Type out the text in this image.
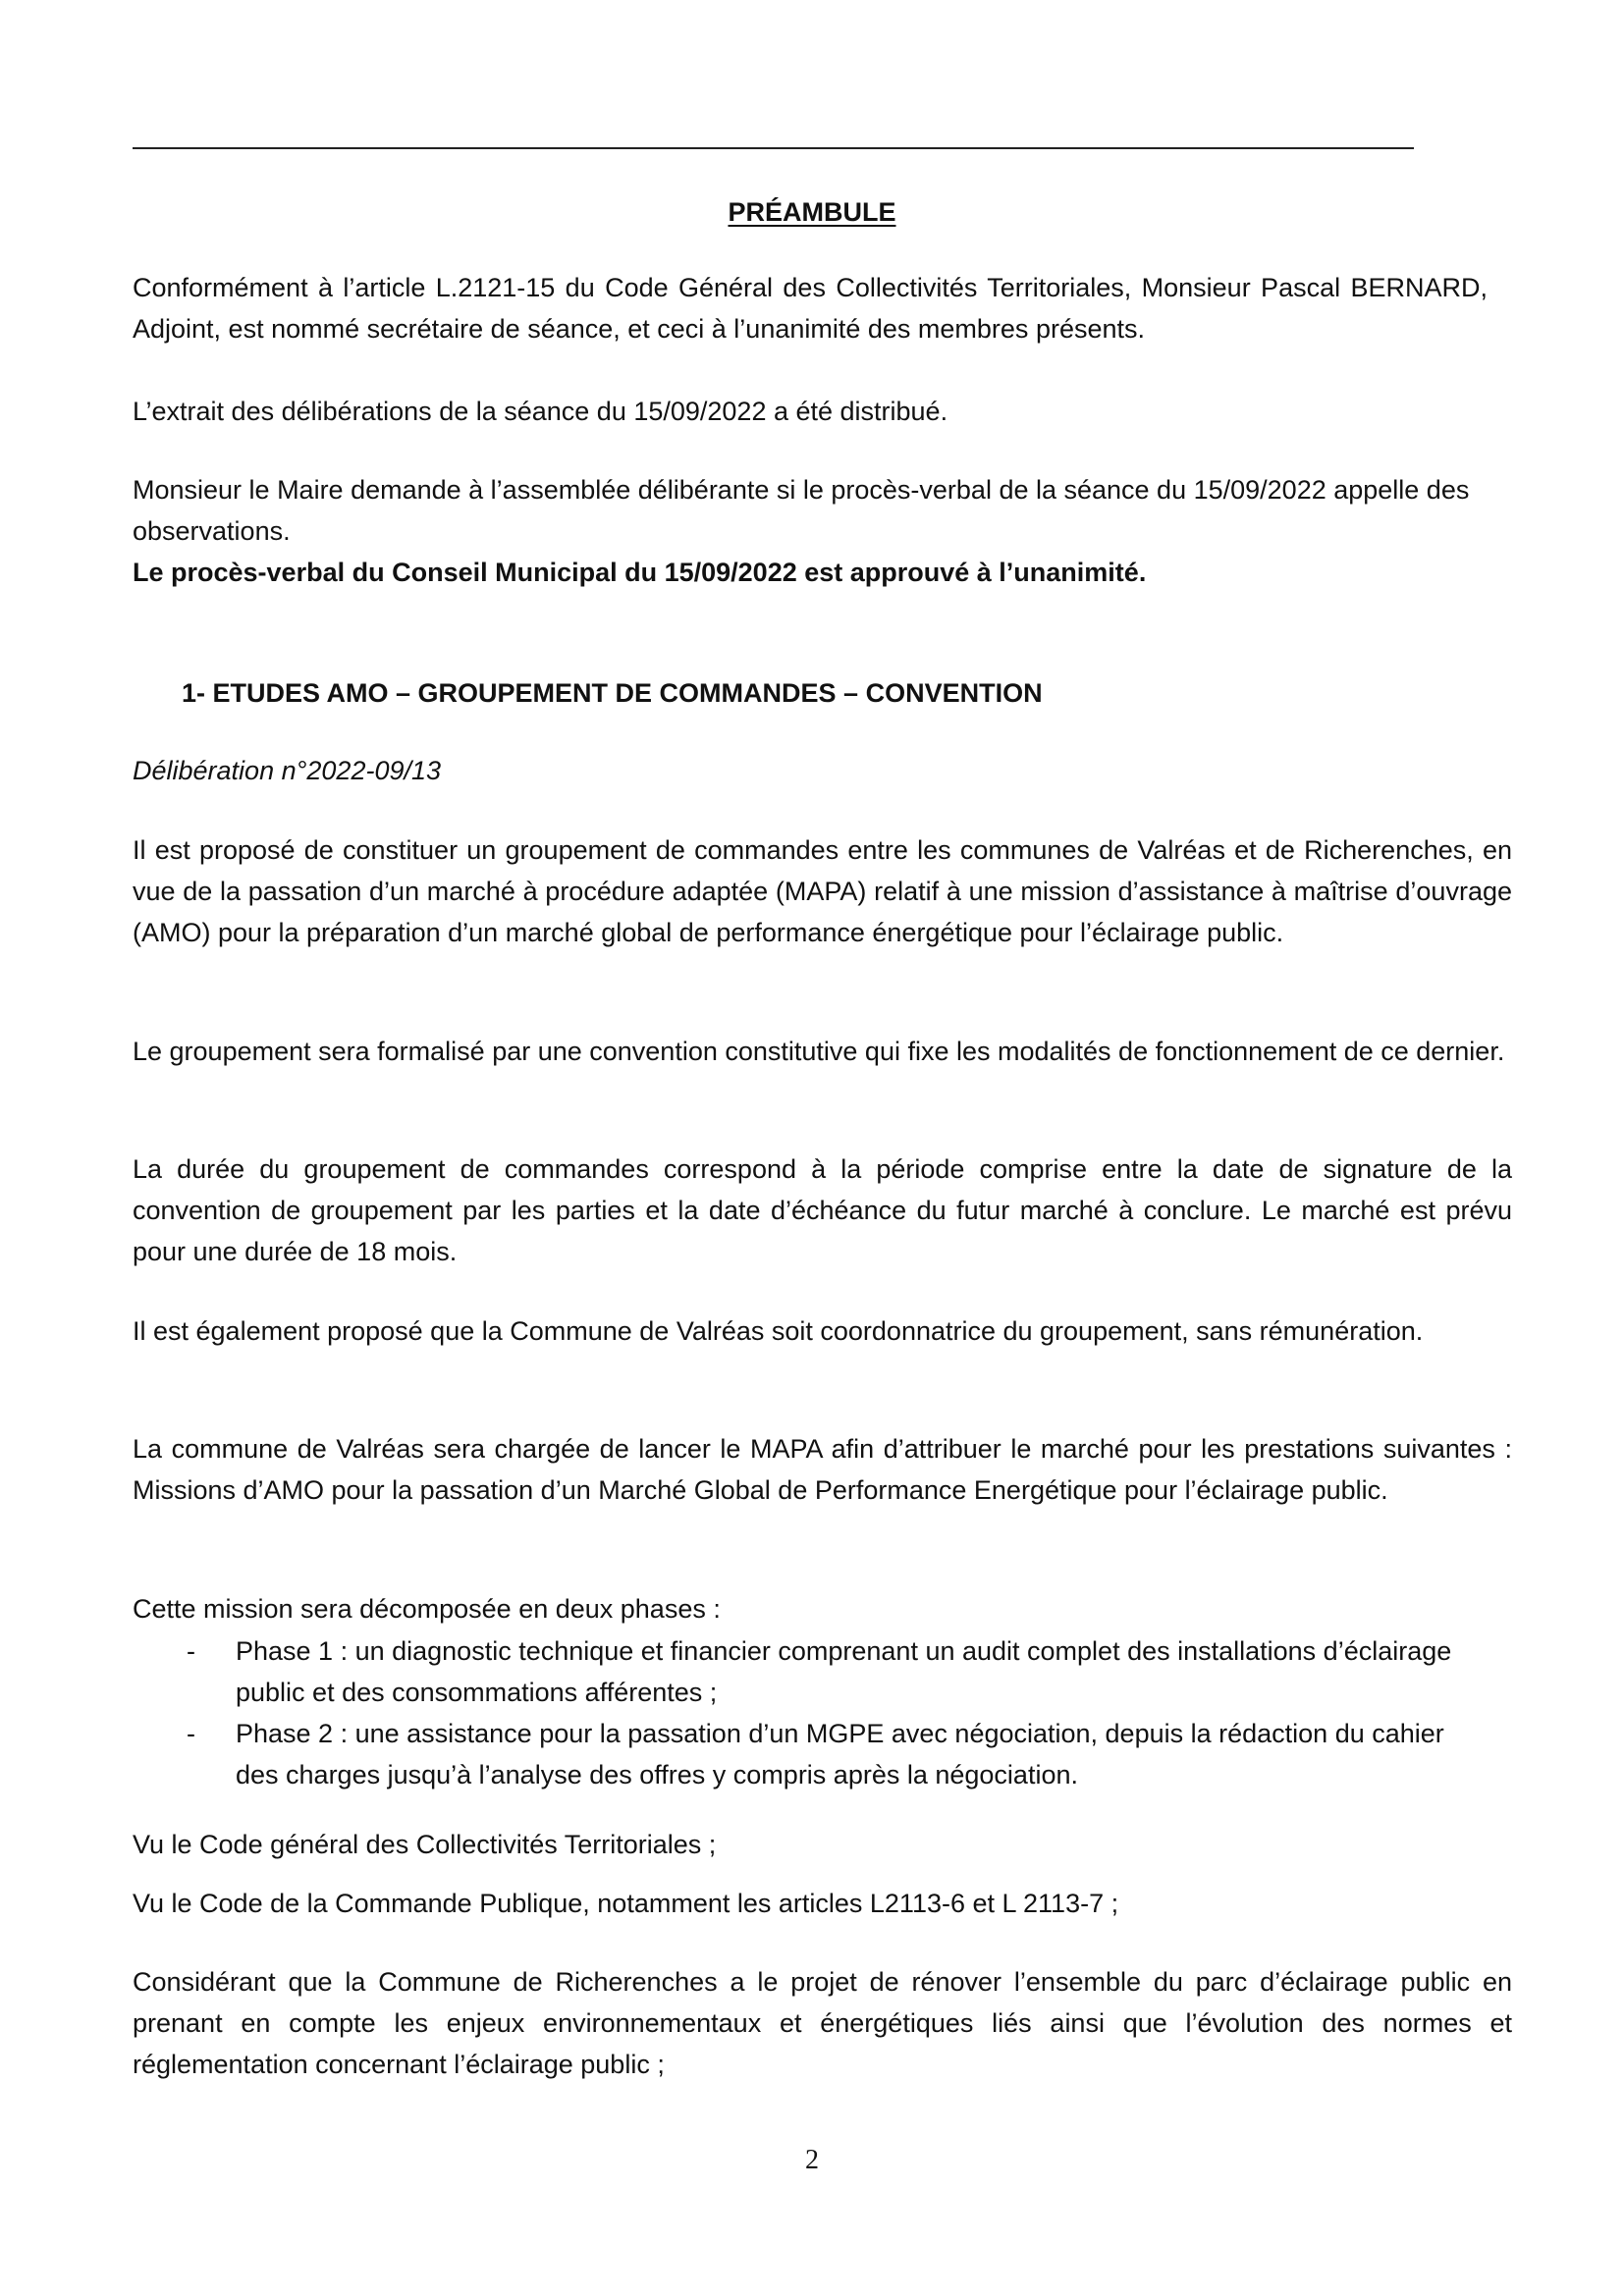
PRÉAMBULE
Conformément à l’article L.2121-15 du Code Général des Collectivités Territoriales, Monsieur Pascal BERNARD, Adjoint, est nommé secrétaire de séance, et ceci à l’unanimité des membres présents.
L’extrait des délibérations de la séance du 15/09/2022 a été distribué.
Monsieur le Maire demande à l’assemblée délibérante si le procès-verbal de la séance du 15/09/2022 appelle des observations.
Le procès-verbal du Conseil Municipal du 15/09/2022 est approuvé à l’unanimité.
1- ETUDES AMO – GROUPEMENT DE COMMANDES – CONVENTION
Délibération n°2022-09/13
Il est proposé de constituer un groupement de commandes entre les communes de Valréas et de Richerenches, en vue de la passation d’un marché à procédure adaptée (MAPA) relatif à une mission d’assistance à maîtrise d’ouvrage (AMO) pour la préparation d’un marché global de performance énergétique pour l’éclairage public.
Le groupement sera formalisé par une convention constitutive qui fixe les modalités de fonctionnement de ce dernier.
La durée du groupement de commandes correspond à la période comprise entre la date de signature de la convention de groupement par les parties et la date d’échéance du futur marché à conclure. Le marché est prévu pour une durée de 18 mois.
Il est également proposé que la Commune de Valréas soit coordonnatrice du groupement, sans rémunération.
La commune de Valréas sera chargée de lancer le MAPA afin d’attribuer le marché pour les prestations suivantes : Missions d’AMO pour la passation d’un Marché Global de Performance Energétique pour l’éclairage public.
Cette mission sera décomposée en deux phases :
- Phase 1 : un diagnostic technique et financier comprenant un audit complet des installations d’éclairage public et des consommations afférentes ;
- Phase 2 : une assistance pour la passation d’un MGPE avec négociation, depuis la rédaction du cahier des charges jusqu’à l’analyse des offres y compris après la négociation.
Vu le Code général des Collectivités Territoriales ;
Vu le Code de la Commande Publique, notamment les articles L2113-6 et L 2113-7 ;
Considérant que la Commune de Richerenches a le projet de rénover l’ensemble du parc d’éclairage public en prenant en compte les enjeux environnementaux et énergétiques liés ainsi que l’évolution des normes et réglementation concernant l’éclairage public ;
2
